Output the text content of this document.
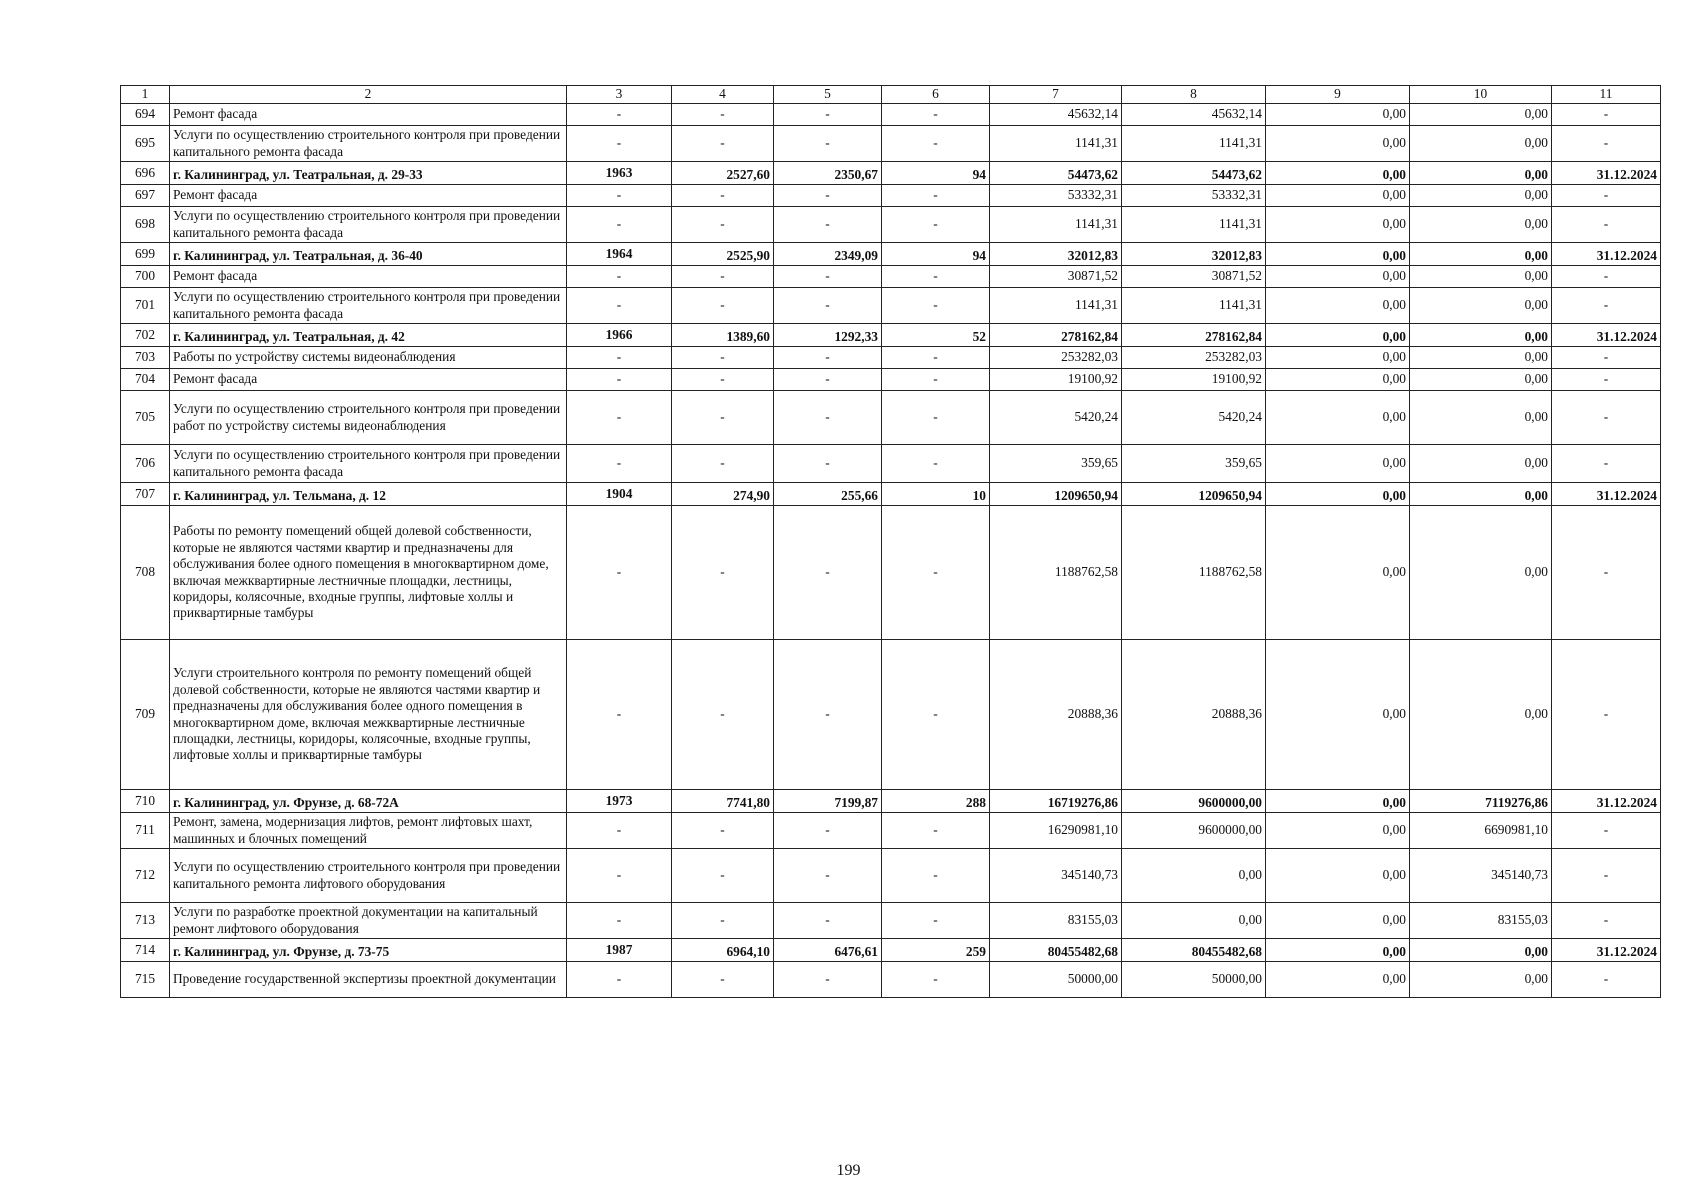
1	2	3	4	5	6	7	8	9	10	11
694	Ремонт фасада	-	-	-	-	45632,14	45632,14	0,00	0,00	-
695	Услуги по осуществлению строительного контроля при проведении капитального ремонта фасада	-	-	-	-	1141,31	1141,31	0,00	0,00	-
696	г. Калининград, ул. Театральная, д. 29-33	1963	2527,60	2350,67	94	54473,62	54473,62	0,00	0,00	31.12.2024
697	Ремонт фасада	-	-	-	-	53332,31	53332,31	0,00	0,00	-
698	Услуги по осуществлению строительного контроля при проведении капитального ремонта фасада	-	-	-	-	1141,31	1141,31	0,00	0,00	-
699	г. Калининград, ул. Театральная, д. 36-40	1964	2525,90	2349,09	94	32012,83	32012,83	0,00	0,00	31.12.2024
700	Ремонт фасада	-	-	-	-	30871,52	30871,52	0,00	0,00	-
701	Услуги по осуществлению строительного контроля при проведении капитального ремонта фасада	-	-	-	-	1141,31	1141,31	0,00	0,00	-
702	г. Калининград, ул. Театральная, д. 42	1966	1389,60	1292,33	52	278162,84	278162,84	0,00	0,00	31.12.2024
703	Работы по устройству системы видеонаблюдения	-	-	-	-	253282,03	253282,03	0,00	0,00	-
704	Ремонт фасада	-	-	-	-	19100,92	19100,92	0,00	0,00	-
705	Услуги по осуществлению строительного контроля при проведении работ по устройству системы видеонаблюдения	-	-	-	-	5420,24	5420,24	0,00	0,00	-
706	Услуги по осуществлению строительного контроля при проведении капитального ремонта фасада	-	-	-	-	359,65	359,65	0,00	0,00	-
707	г. Калининград, ул. Тельмана, д. 12	1904	274,90	255,66	10	1209650,94	1209650,94	0,00	0,00	31.12.2024
708	Работы по ремонту помещений общей долевой собственности, которые не являются частями квартир и предназначены для обслуживания более одного помещения в многоквартирном доме, включая межквартирные лестничные площадки, лестницы, коридоры, колясочные, входные группы, лифтовые холлы и приквартирные тамбуры	-	-	-	-	1188762,58	1188762,58	0,00	0,00	-
709	Услуги строительного контроля по ремонту помещений общей долевой собственности, которые не являются частями квартир и предназначены для обслуживания более одного помещения в многоквартирном доме, включая межквартирные лестничные площадки, лестницы, коридоры, колясочные, входные группы, лифтовые холлы и приквартирные тамбуры	-	-	-	-	20888,36	20888,36	0,00	0,00	-
710	г. Калининград, ул. Фрунзе, д. 68-72А	1973	7741,80	7199,87	288	16719276,86	9600000,00	0,00	7119276,86	31.12.2024
711	Ремонт, замена, модернизация лифтов, ремонт лифтовых шахт, машинных и блочных помещений	-	-	-	-	16290981,10	9600000,00	0,00	6690981,10	-
712	Услуги по осуществлению строительного контроля при проведении капитального ремонта лифтового оборудования	-	-	-	-	345140,73	0,00	0,00	345140,73	-
713	Услуги по разработке проектной документации на капитальный ремонт лифтового оборудования	-	-	-	-	83155,03	0,00	0,00	83155,03	-
714	г. Калининград, ул. Фрунзе, д. 73-75	1987	6964,10	6476,61	259	80455482,68	80455482,68	0,00	0,00	31.12.2024
715	Проведение государственной экспертизы проектной документации	-	-	-	-	50000,00	50000,00	0,00	0,00	-
199
